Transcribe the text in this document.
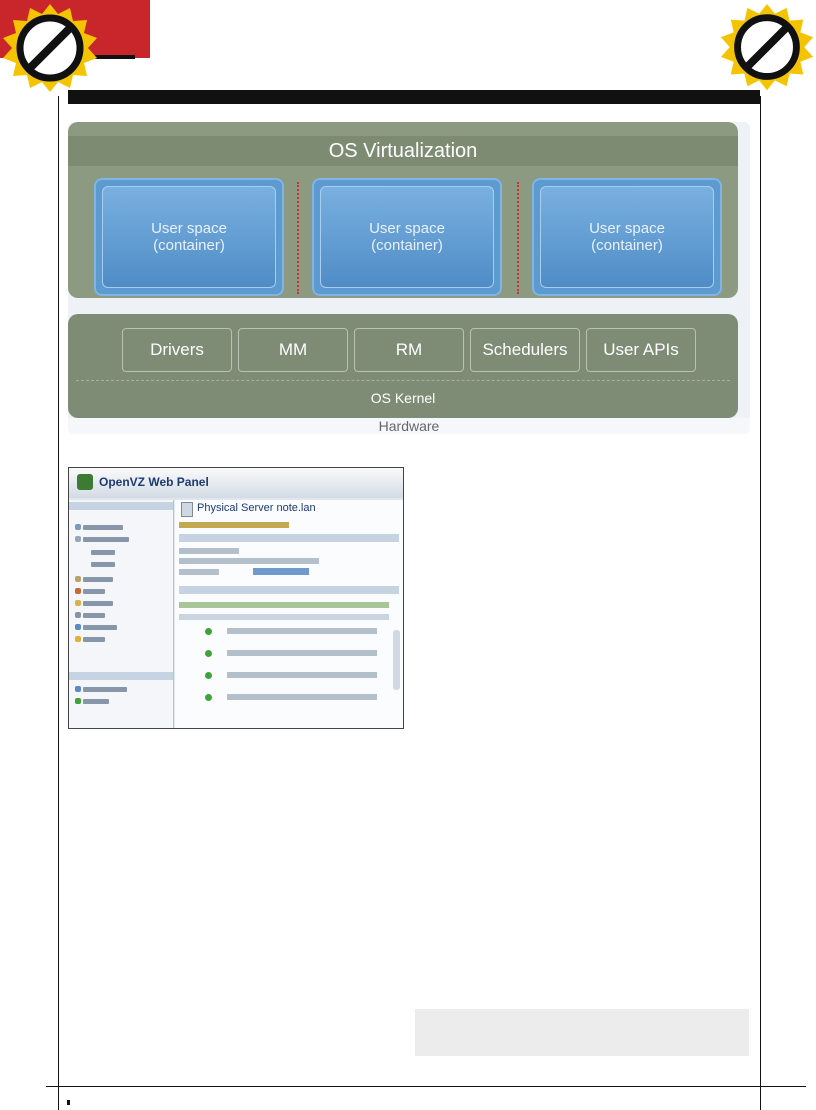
OS Virtualization
User space
(container)
User space
(container)
User space
(container)
Drivers	MM	RM	Schedulers	User APIs
OS Kernel
Hardware
OpenVZ Web Panel
Physical Server note.lan
